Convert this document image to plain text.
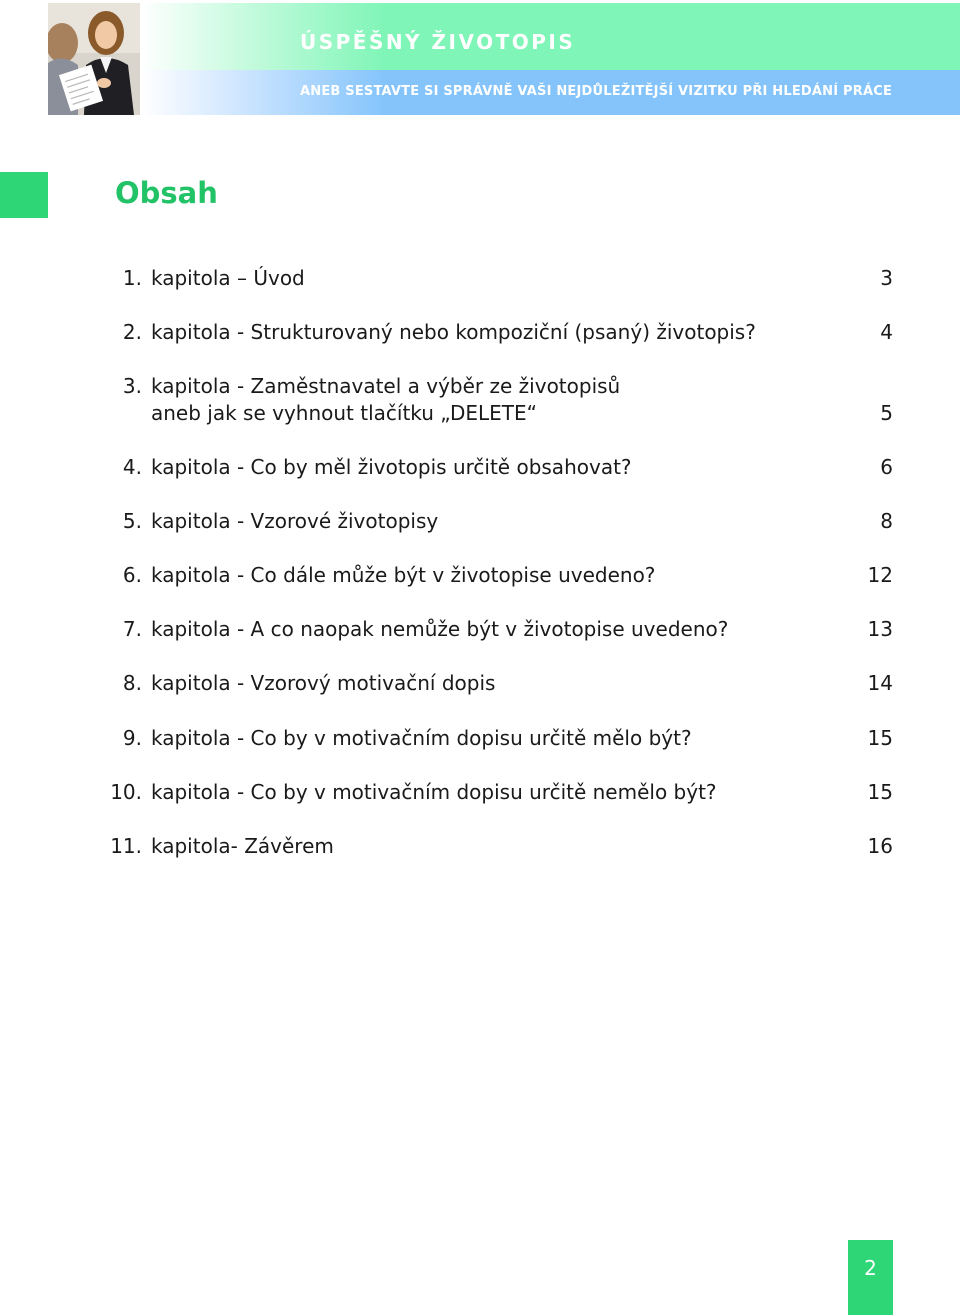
ÚSPĚŠNÝ ŽIVOTOPIS
ANEB SESTAVTE SI SPRÁVNĚ VAŠI NEJDŮLEŽITĚJŠÍ VIZITKU PŘI HLEDÁNÍ PRÁCE
Obsah
1. kapitola – Úvod	3
2. kapitola - Strukturovaný nebo kompoziční (psaný) životopis?	4
3. kapitola - Zaměstnavatel a výběr ze životopisů
aneb jak se vyhnout tlačítku „DELETE“	5
4. kapitola - Co by měl životopis určitě obsahovat?	6
5. kapitola - Vzorové životopisy	8
6. kapitola - Co dále může být v životopise uvedeno?	12
7. kapitola - A co naopak nemůže být v životopise uvedeno?	13
8. kapitola - Vzorový motivační dopis	14
9. kapitola - Co by v motivačním dopisu určitě mělo být?	15
10. kapitola - Co by v motivačním dopisu určitě nemělo být?	15
11. kapitola- Závěrem	16
2
